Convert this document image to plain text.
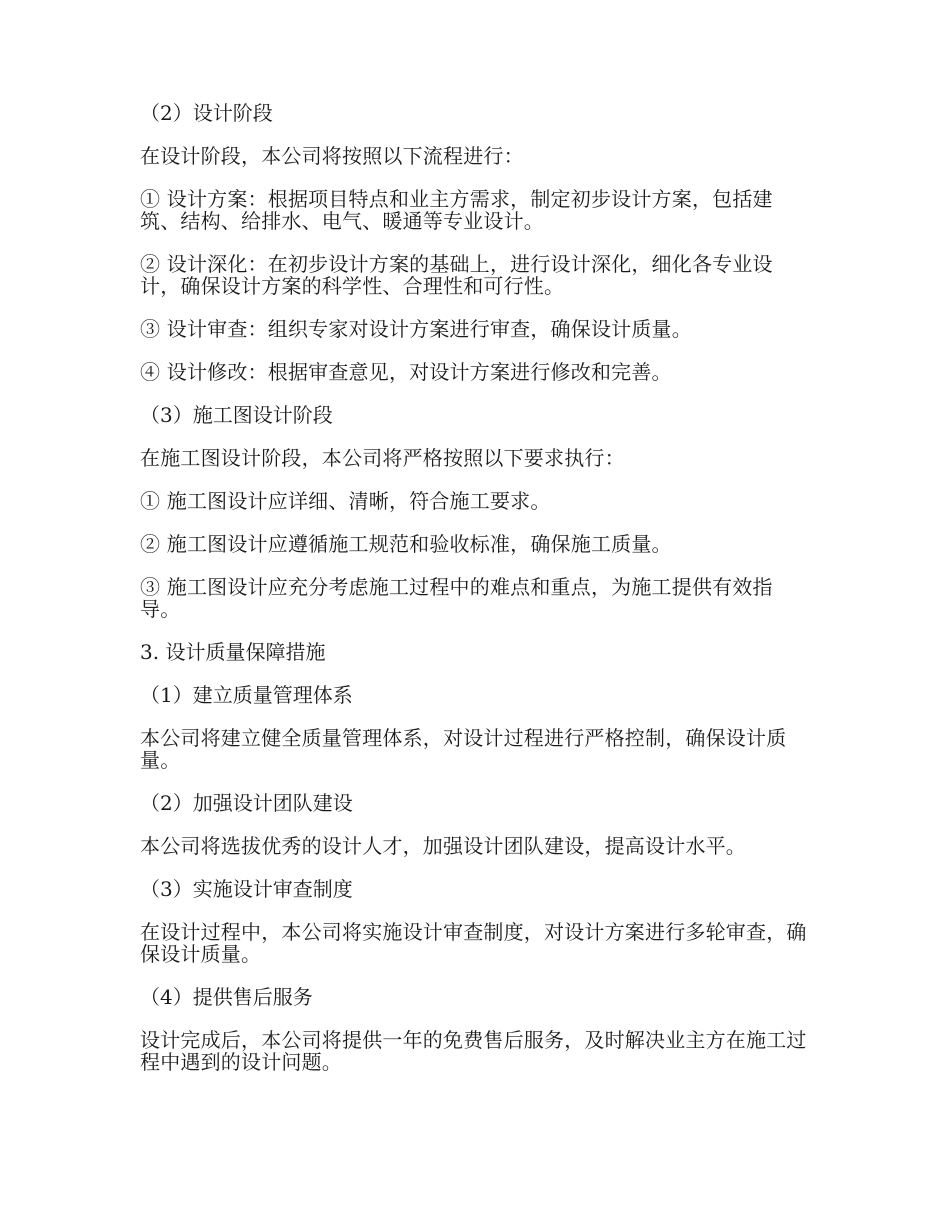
（2）设计阶段

在设计阶段，本公司将按照以下流程进行：

① 设计方案：根据项目特点和业主方需求，制定初步设计方案，包括建筑、结构、给排水、电气、暖通等专业设计。

② 设计深化：在初步设计方案的基础上，进行设计深化，细化各专业设计，确保设计方案的科学性、合理性和可行性。

③ 设计审查：组织专家对设计方案进行审查，确保设计质量。

④ 设计修改：根据审查意见，对设计方案进行修改和完善。

（3）施工图设计阶段

在施工图设计阶段，本公司将严格按照以下要求执行：

① 施工图设计应详细、清晰，符合施工要求。

② 施工图设计应遵循施工规范和验收标准，确保施工质量。

③ 施工图设计应充分考虑施工过程中的难点和重点，为施工提供有效指导。

3. 设计质量保障措施

（1）建立质量管理体系

本公司将建立健全质量管理体系，对设计过程进行严格控制，确保设计质量。

（2）加强设计团队建设

本公司将选拔优秀的设计人才，加强设计团队建设，提高设计水平。

（3）实施设计审查制度

在设计过程中，本公司将实施设计审查制度，对设计方案进行多轮审查，确保设计质量。

（4）提供售后服务

设计完成后，本公司将提供一年的免费售后服务，及时解决业主方在施工过程中遇到的设计问题。
